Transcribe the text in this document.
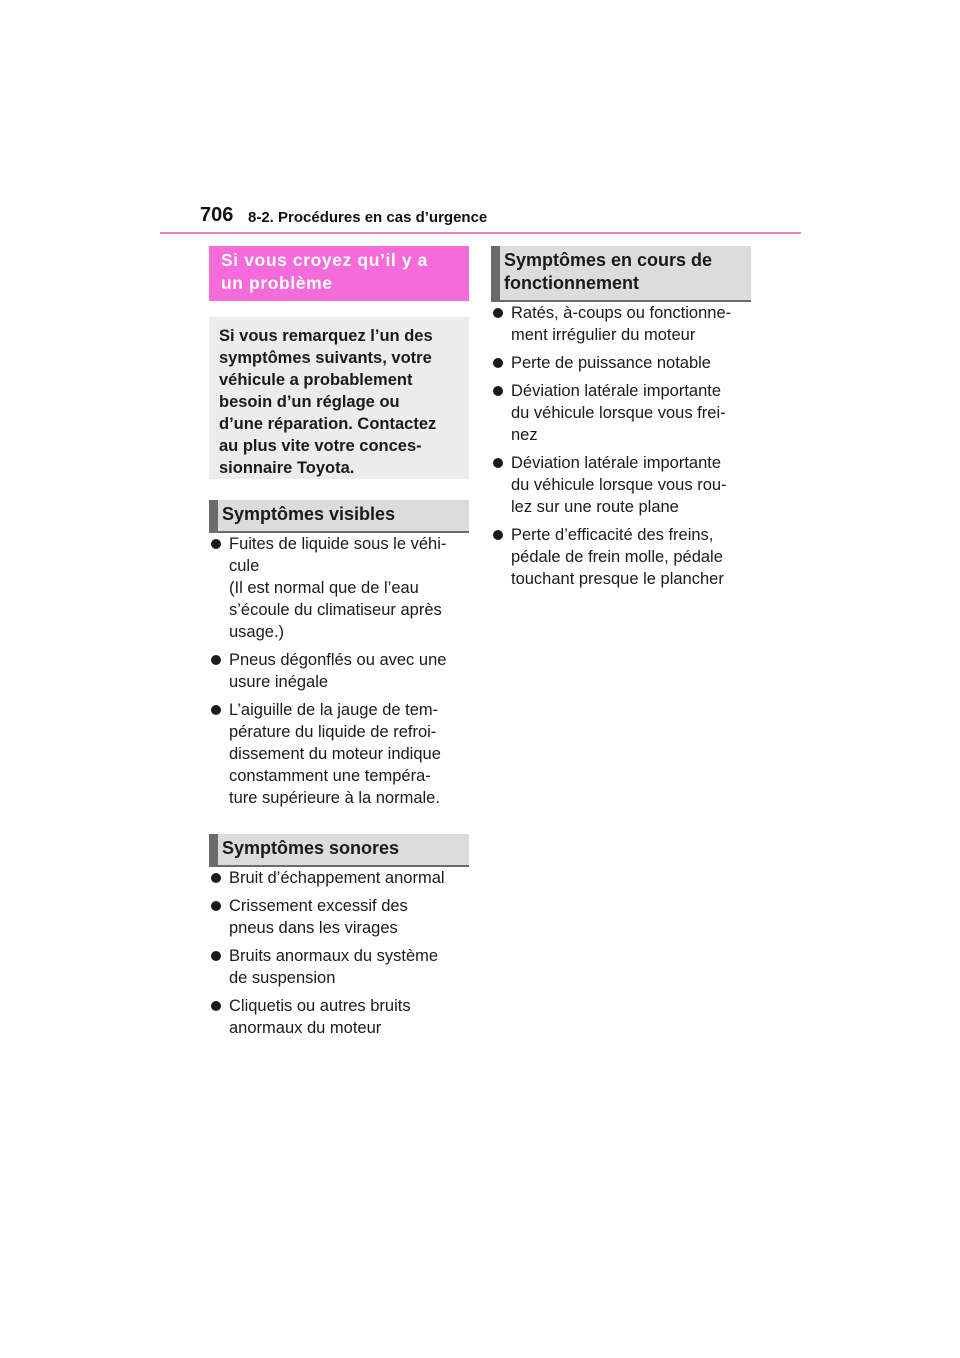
706 8-2. Procédures en cas d’urgence
Si vous croyez qu’il y a
un problème
Si vous remarquez l’un des
symptômes suivants, votre
véhicule a probablement
besoin d’un réglage ou
d’une réparation. Contactez
au plus vite votre conces-
sionnaire Toyota.
Symptômes visibles
Fuites de liquide sous le véhi-
cule
(Il est normal que de l’eau
s’écoule du climatiseur après
usage.)
Pneus dégonflés ou avec une
usure inégale
L’aiguille de la jauge de tem-
pérature du liquide de refroi-
dissement du moteur indique
constamment une tempéra-
ture supérieure à la normale.
Symptômes sonores
Bruit d’échappement anormal
Crissement excessif des
pneus dans les virages
Bruits anormaux du système
de suspension
Cliquetis ou autres bruits
anormaux du moteur
Symptômes en cours de
fonctionnement
Ratés, à-coups ou fonctionne-
ment irrégulier du moteur
Perte de puissance notable
Déviation latérale importante
du véhicule lorsque vous frei-
nez
Déviation latérale importante
du véhicule lorsque vous rou-
lez sur une route plane
Perte d’efficacité des freins,
pédale de frein molle, pédale
touchant presque le plancher
